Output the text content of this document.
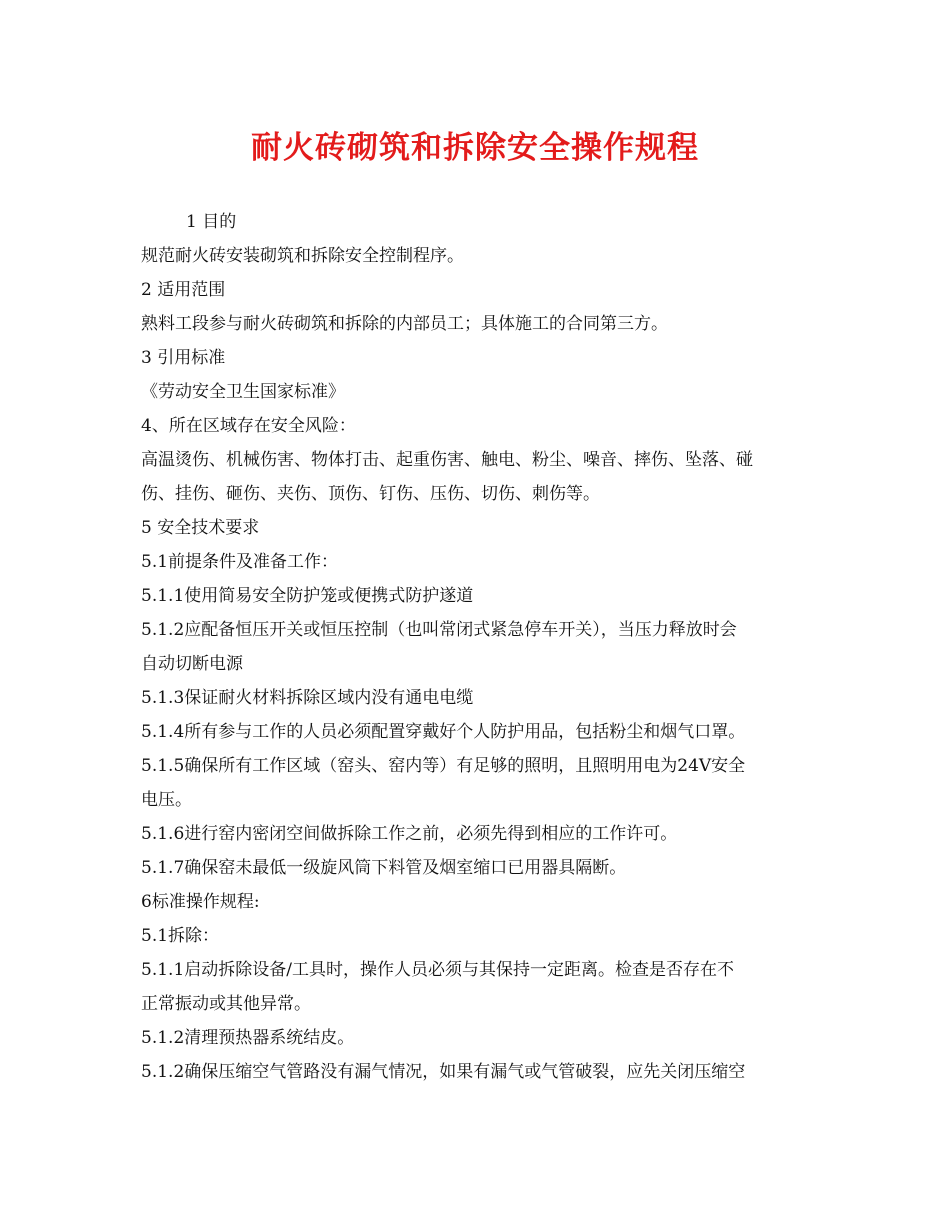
耐火砖砌筑和拆除安全操作规程

1 目的

规范耐火砖安装砌筑和拆除安全控制程序。

2 适用范围

熟料工段参与耐火砖砌筑和拆除的内部员工；具体施工的合同第三方。

3 引用标准

《劳动安全卫生国家标准》

4、所在区域存在安全风险：

高温烫伤、机械伤害、物体打击、起重伤害、触电、粉尘、噪音、摔伤、坠落、碰

伤、挂伤、砸伤、夹伤、顶伤、钉伤、压伤、切伤、刺伤等。

5 安全技术要求

5.1前提条件及准备工作：

5.1.1使用简易安全防护笼或便携式防护遂道

5.1.2应配备恒压开关或恒压控制（也叫常闭式紧急停车开关），当压力释放时会

自动切断电源

5.1.3保证耐火材料拆除区域内没有通电电缆

5.1.4所有参与工作的人员必须配置穿戴好个人防护用品，包括粉尘和烟气口罩。

5.1.5确保所有工作区域（窑头、窑内等）有足够的照明，且照明用电为24V安全

电压。

5.1.6进行窑内密闭空间做拆除工作之前，必须先得到相应的工作许可。

5.1.7确保窑未最低一级旋风筒下料管及烟室缩口已用器具隔断。

6标准操作规程:

5.1拆除：

5.1.1启动拆除设备/工具时，操作人员必须与其保持一定距离。检查是否存在不

正常振动或其他异常。

5.1.2清理预热器系统结皮。

5.1.2确保压缩空气管路没有漏气情况，如果有漏气或气管破裂，应先关闭压缩空
